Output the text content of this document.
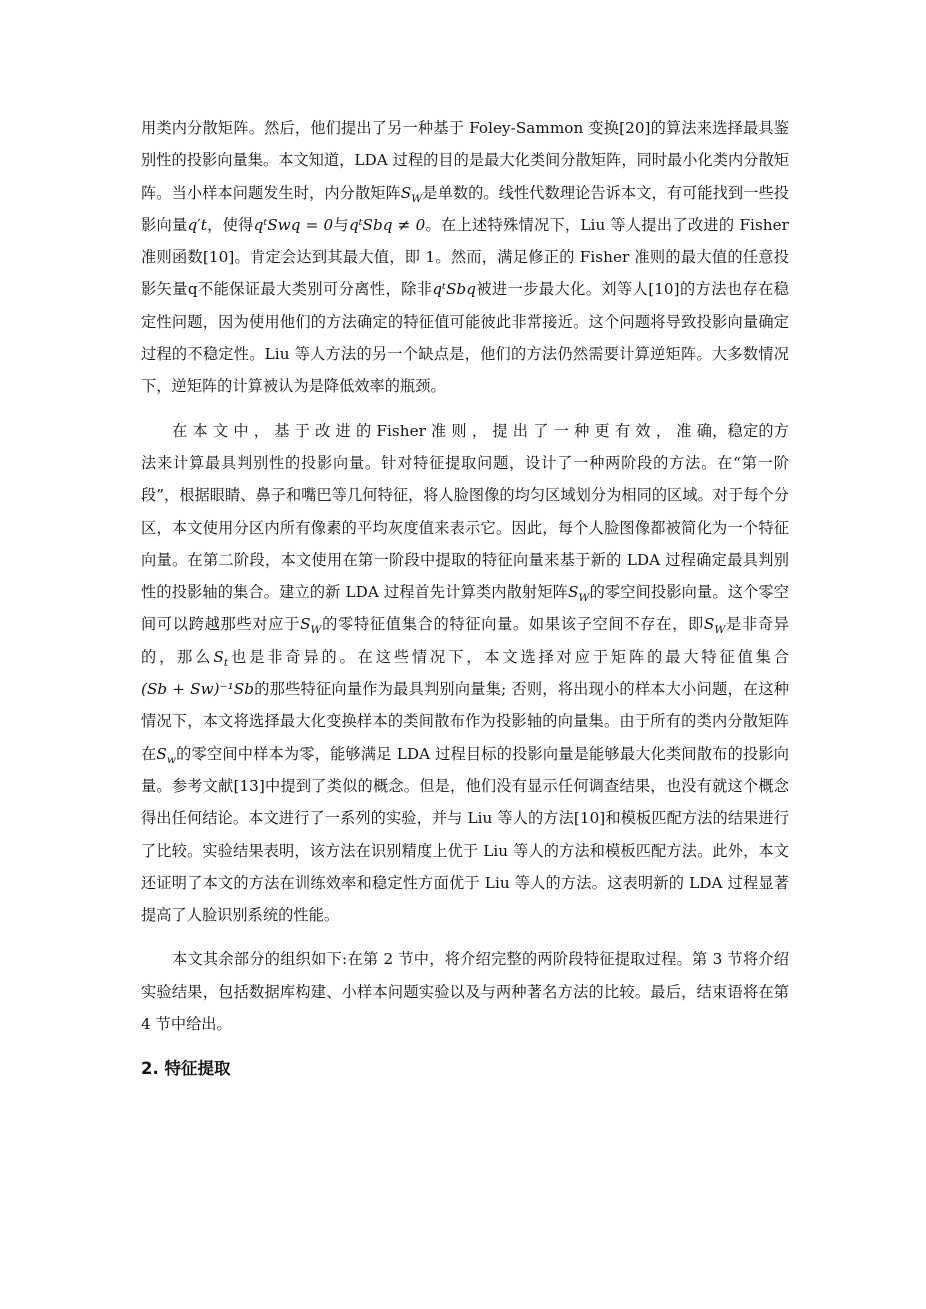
用类内分散矩阵。然后，他们提出了另一种基于 Foley-Sammon 变换[20]的算法来选择最具鉴别性的投影向量集。本文知道，LDA 过程的目的是最大化类间分散矩阵，同时最小化类内分散矩阵。当小样本问题发生时，内分散矩阵$S_W$是单数的。线性代数理论告诉本文，有可能找到一些投影向量q′t，使得qᵗSwq = 0与qᵗSbq ≠ 0。在上述特殊情况下，Liu 等人提出了改进的 Fisher 准则函数[10]。肯定会达到其最大值，即 1。然而，满足修正的 Fisher 准则的最大值的任意投影矢量q不能保证最大类别可分离性，除非qᵗSbq被进一步最大化。刘等人[10]的方法也存在稳定性问题，因为使用他们的方法确定的特征值可能彼此非常接近。这个问题将导致投影向量确定过程的不稳定性。Liu 等人方法的另一个缺点是，他们的方法仍然需要计算逆矩阵。大多数情况下，逆矩阵的计算被认为是降低效率的瓶颈。

在 本 文 中 ， 基 于 改 进 的 Fisher 准 则 ， 提 出 了 一 种 更 有 效 ， 准 确，稳定的方法来计算最具判别性的投影向量。针对特征提取问题，设计了一种两阶段的方法。在“第一阶段”，根据眼睛、鼻子和嘴巴等几何特征，将人脸图像的均匀区域划分为相同的区域。对于每个分区，本文使用分区内所有像素的平均灰度值来表示它。因此，每个人脸图像都被简化为一个特征向量。在第二阶段，本文使用在第一阶段中提取的特征向量来基于新的 LDA 过程确定最具判别性的投影轴的集合。建立的新 LDA 过程首先计算类内散射矩阵$S_W$的零空间投影向量。这个零空间可以跨越那些对应于$S_W$的零特征值集合的特征向量。如果该子空间不存在，即$S_W$是非奇异的，那么$S_t$也是非奇异的。在这些情况下，本文选择对应于矩阵的最大特征值集合(Sb + Sw)⁻¹Sb的那些特征向量作为最具判别向量集; 否则，将出现小的样本大小问题，在这种情况下，本文将选择最大化变换样本的类间散布作为投影轴的向量集。由于所有的类内分散矩阵在$S_w$的零空间中样本为零，能够满足 LDA 过程目标的投影向量是能够最大化类间散布的投影向量。参考文献[13]中提到了类似的概念。但是，他们没有显示任何调查结果，也没有就这个概念得出任何结论。本文进行了一系列的实验，并与 Liu 等人的方法[10]和模板匹配方法的结果进行了比较。实验结果表明，该方法在识别精度上优于 Liu 等人的方法和模板匹配方法。此外，本文还证明了本文的方法在训练效率和稳定性方面优于 Liu 等人的方法。这表明新的 LDA 过程显著提高了人脸识别系统的性能。

本文其余部分的组织如下:在第 2 节中，将介绍完整的两阶段特征提取过程。第 3 节将介绍实验结果，包括数据库构建、小样本问题实验以及与两种著名方法的比较。最后，结束语将在第 4 节中给出。

2. 特征提取
